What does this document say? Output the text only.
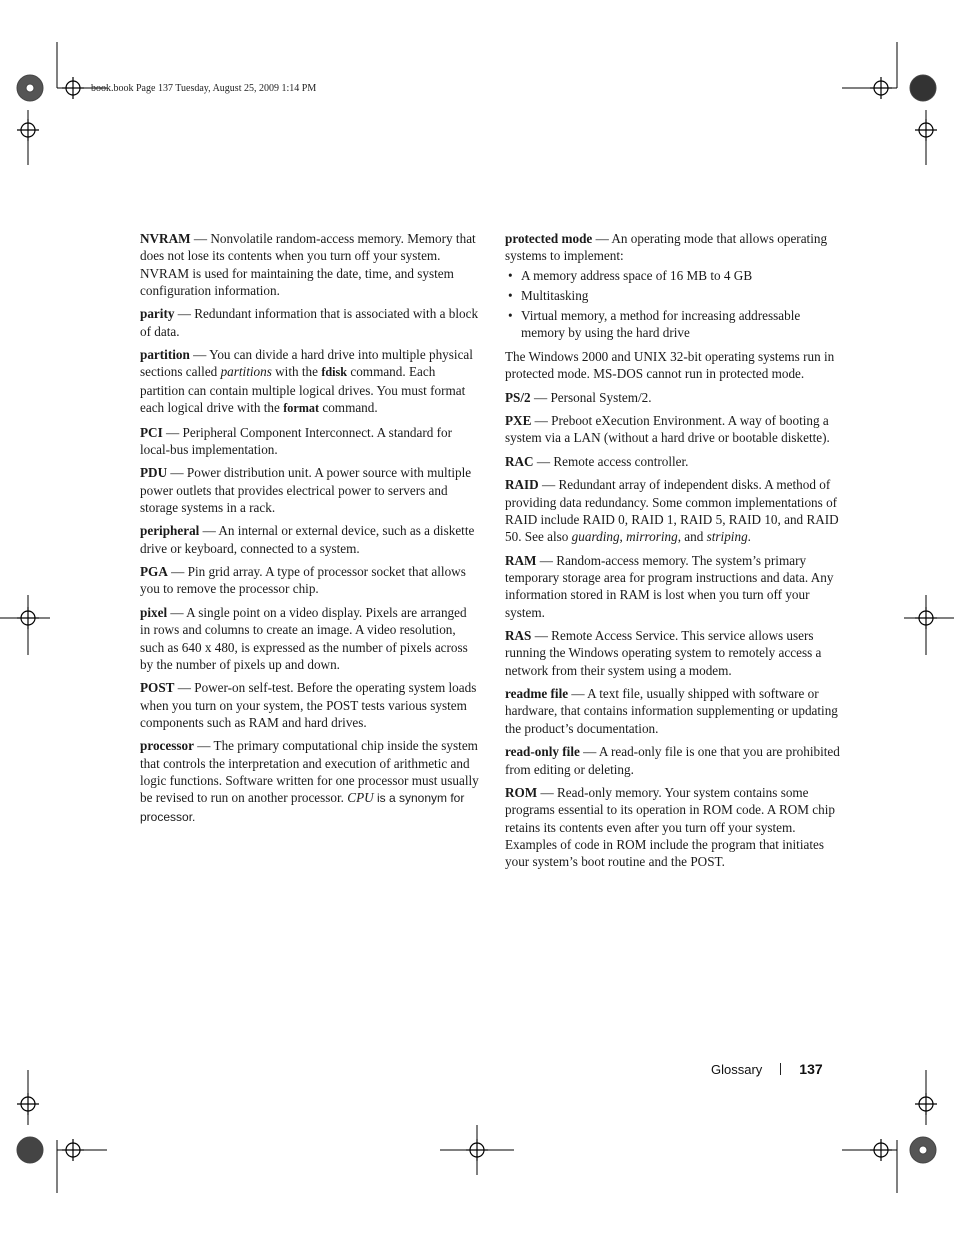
book.book Page 137 Tuesday, August 25, 2009 1:14 PM

NVRAM — Nonvolatile random-access memory. Memory that does not lose its contents when you turn off your system. NVRAM is used for maintaining the date, time, and system configuration information.

parity — Redundant information that is associated with a block of data.

partition — You can divide a hard drive into multiple physical sections called partitions with the fdisk command. Each partition can contain multiple logical drives. You must format each logical drive with the format command.

PCI — Peripheral Component Interconnect. A standard for local-bus implementation.

PDU — Power distribution unit. A power source with multiple power outlets that provides electrical power to servers and storage systems in a rack.

peripheral — An internal or external device, such as a diskette drive or keyboard, connected to a system.

PGA — Pin grid array. A type of processor socket that allows you to remove the processor chip.

pixel — A single point on a video display. Pixels are arranged in rows and columns to create an image. A video resolution, such as 640 x 480, is expressed as the number of pixels across by the number of pixels up and down.

POST — Power-on self-test. Before the operating system loads when you turn on your system, the POST tests various system components such as RAM and hard drives.

processor — The primary computational chip inside the system that controls the interpretation and execution of arithmetic and logic functions. Software written for one processor must usually be revised to run on another processor. CPU is a synonym for processor.

protected mode — An operating mode that allows operating systems to implement:

• A memory address space of 16 MB to 4 GB
• Multitasking
• Virtual memory, a method for increasing addressable memory by using the hard drive

The Windows 2000 and UNIX 32-bit operating systems run in protected mode. MS-DOS cannot run in protected mode.

PS/2 — Personal System/2.

PXE — Preboot eXecution Environment. A way of booting a system via a LAN (without a hard drive or bootable diskette).

RAC — Remote access controller.

RAID — Redundant array of independent disks. A method of providing data redundancy. Some common implementations of RAID include RAID 0, RAID 1, RAID 5, RAID 10, and RAID 50. See also guarding, mirroring, and striping.

RAM — Random-access memory. The system’s primary temporary storage area for program instructions and data. Any information stored in RAM is lost when you turn off your system.

RAS — Remote Access Service. This service allows users running the Windows operating system to remotely access a network from their system using a modem.

readme file — A text file, usually shipped with software or hardware, that contains information supplementing or updating the product’s documentation.

read-only file — A read-only file is one that you are prohibited from editing or deleting.

ROM — Read-only memory. Your system contains some programs essential to its operation in ROM code. A ROM chip retains its contents even after you turn off your system. Examples of code in ROM include the program that initiates your system’s boot routine and the POST.

Glossary	137
